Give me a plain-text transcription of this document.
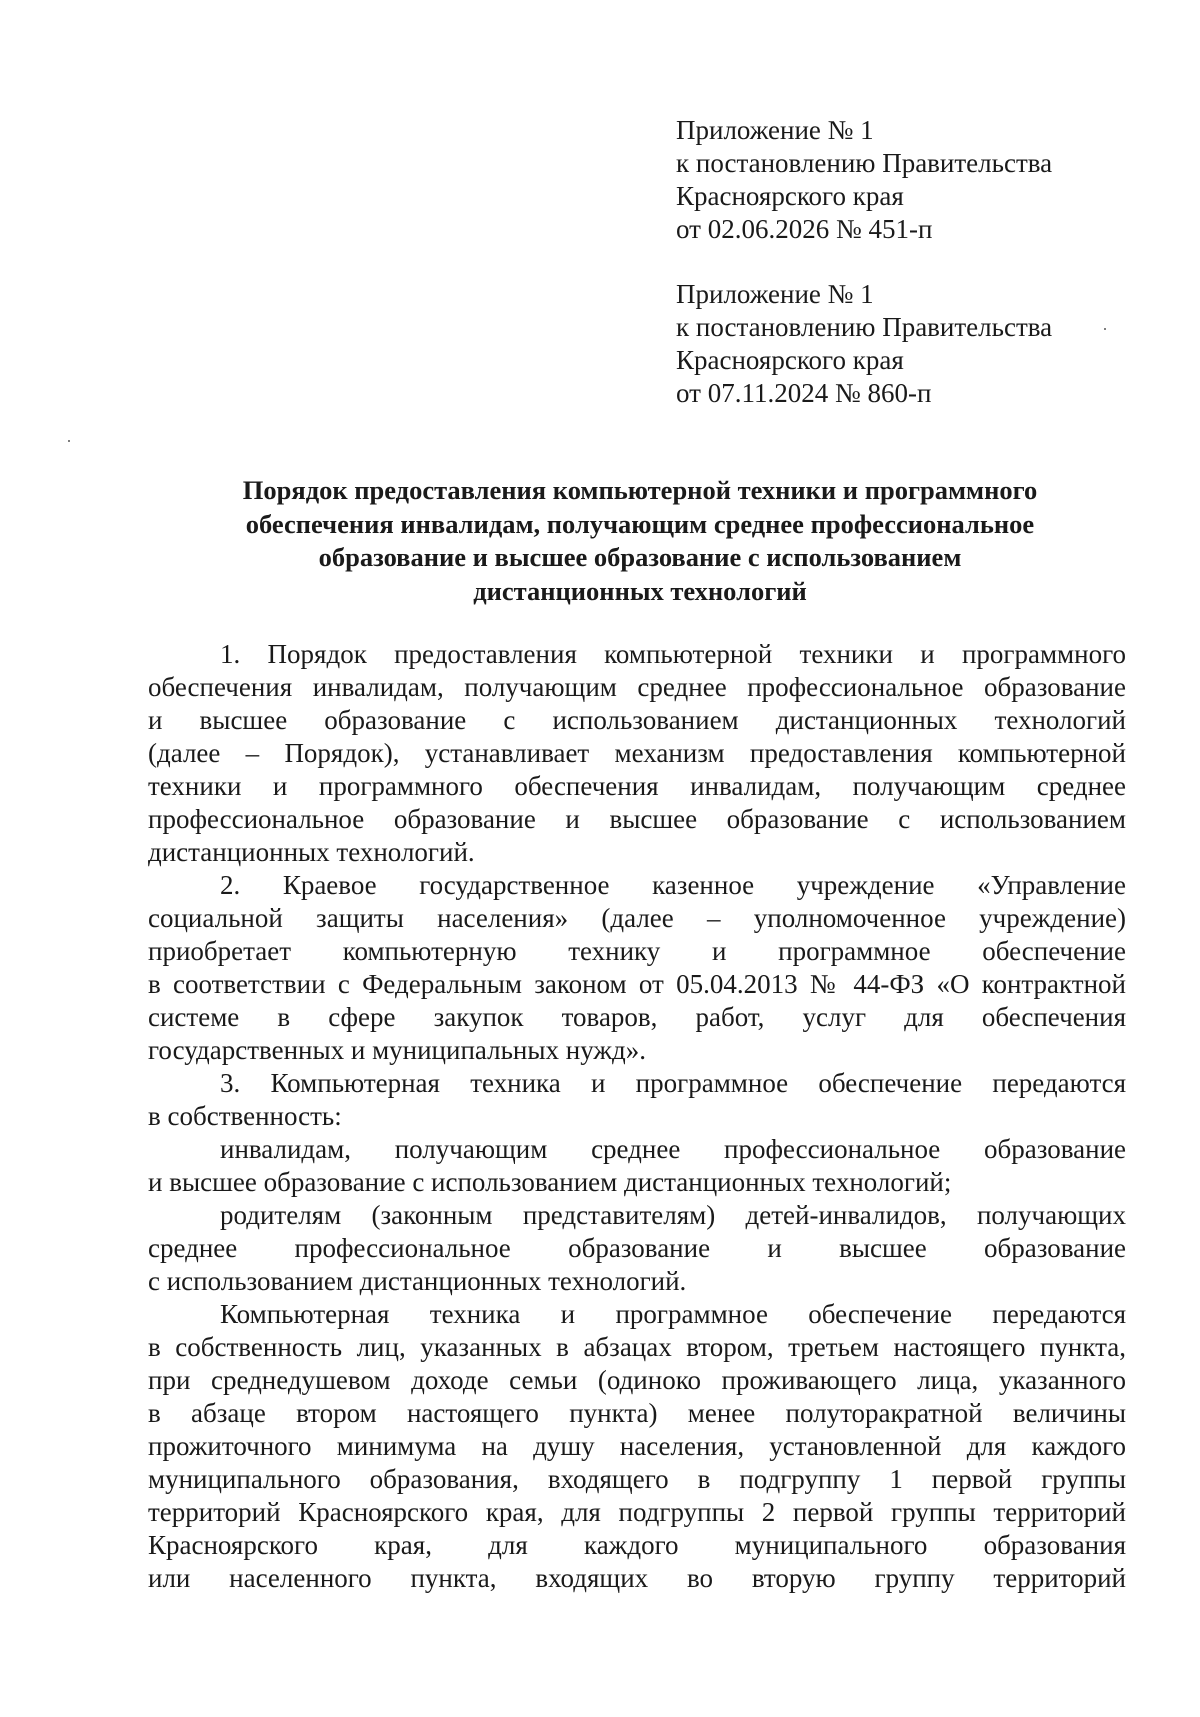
Приложение № 1
к постановлению Правительства
Красноярского края
от 02.06.2026 № 451-п
Приложение № 1
к постановлению Правительства
Красноярского края
от 07.11.2024 № 860-п
Порядок предоставления компьютерной техники и программного
обеспечения инвалидам, получающим среднее профессиональное
образование и высшее образование с использованием
дистанционных технологий
1. Порядок предоставления компьютерной техники и программного
обеспечения инвалидам, получающим среднее профессиональное образование
и высшее образование с использованием дистанционных технологий
(далее – Порядок), устанавливает механизм предоставления компьютерной
техники и программного обеспечения инвалидам, получающим среднее
профессиональное образование и высшее образование с использованием
дистанционных технологий.
2. Краевое государственное казенное учреждение «Управление
социальной защиты населения» (далее – уполномоченное учреждение)
приобретает компьютерную технику и программное обеспечение
в соответствии с Федеральным законом от 05.04.2013 № 44-ФЗ «О контрактной
системе в сфере закупок товаров, работ, услуг для обеспечения
государственных и муниципальных нужд».
3. Компьютерная техника и программное обеспечение передаются
в собственность:
инвалидам, получающим среднее профессиональное образование
и высшее образование с использованием дистанционных технологий;
родителям (законным представителям) детей-инвалидов, получающих
среднее профессиональное образование и высшее образование
с использованием дистанционных технологий.
Компьютерная техника и программное обеспечение передаются
в собственность лиц, указанных в абзацах втором, третьем настоящего пункта,
при среднедушевом доходе семьи (одиноко проживающего лица, указанного
в абзаце втором настоящего пункта) менее полуторакратной величины
прожиточного минимума на душу населения, установленной для каждого
муниципального образования, входящего в подгруппу 1 первой группы
территорий Красноярского края, для подгруппы 2 первой группы территорий
Красноярского края, для каждого муниципального образования
или населенного пункта, входящих во вторую группу территорий
